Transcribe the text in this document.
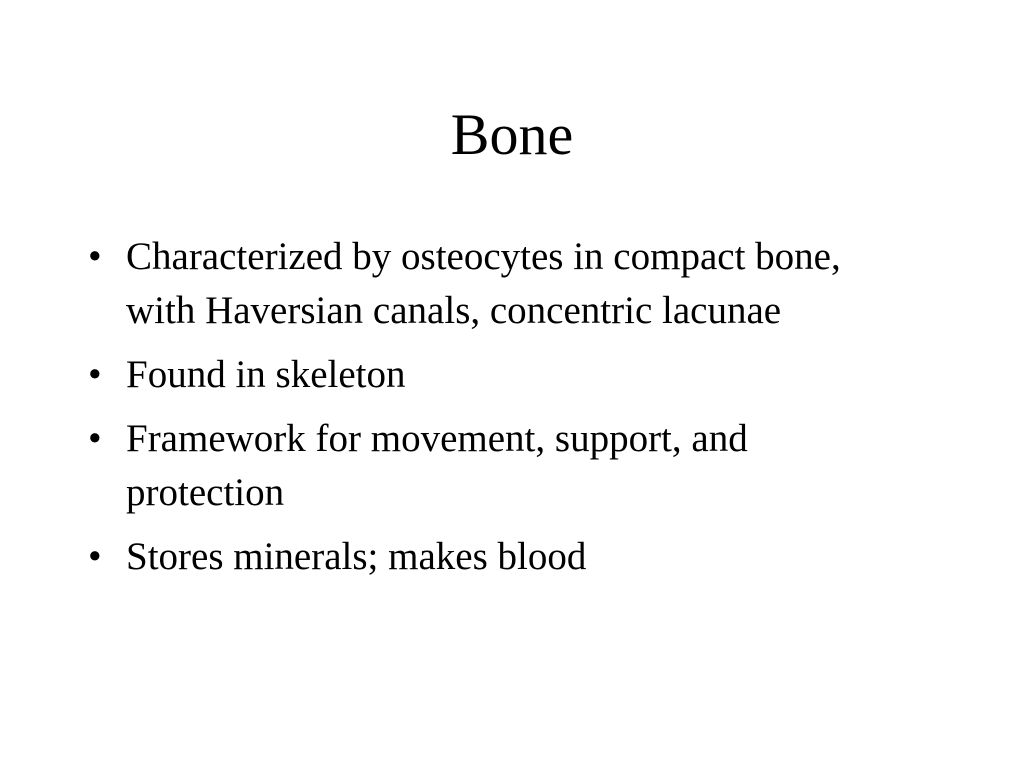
Bone
• Characterized by osteocytes in compact bone, with Haversian canals, concentric lacunae
• Found in skeleton
• Framework for movement, support, and protection
• Stores minerals; makes blood
